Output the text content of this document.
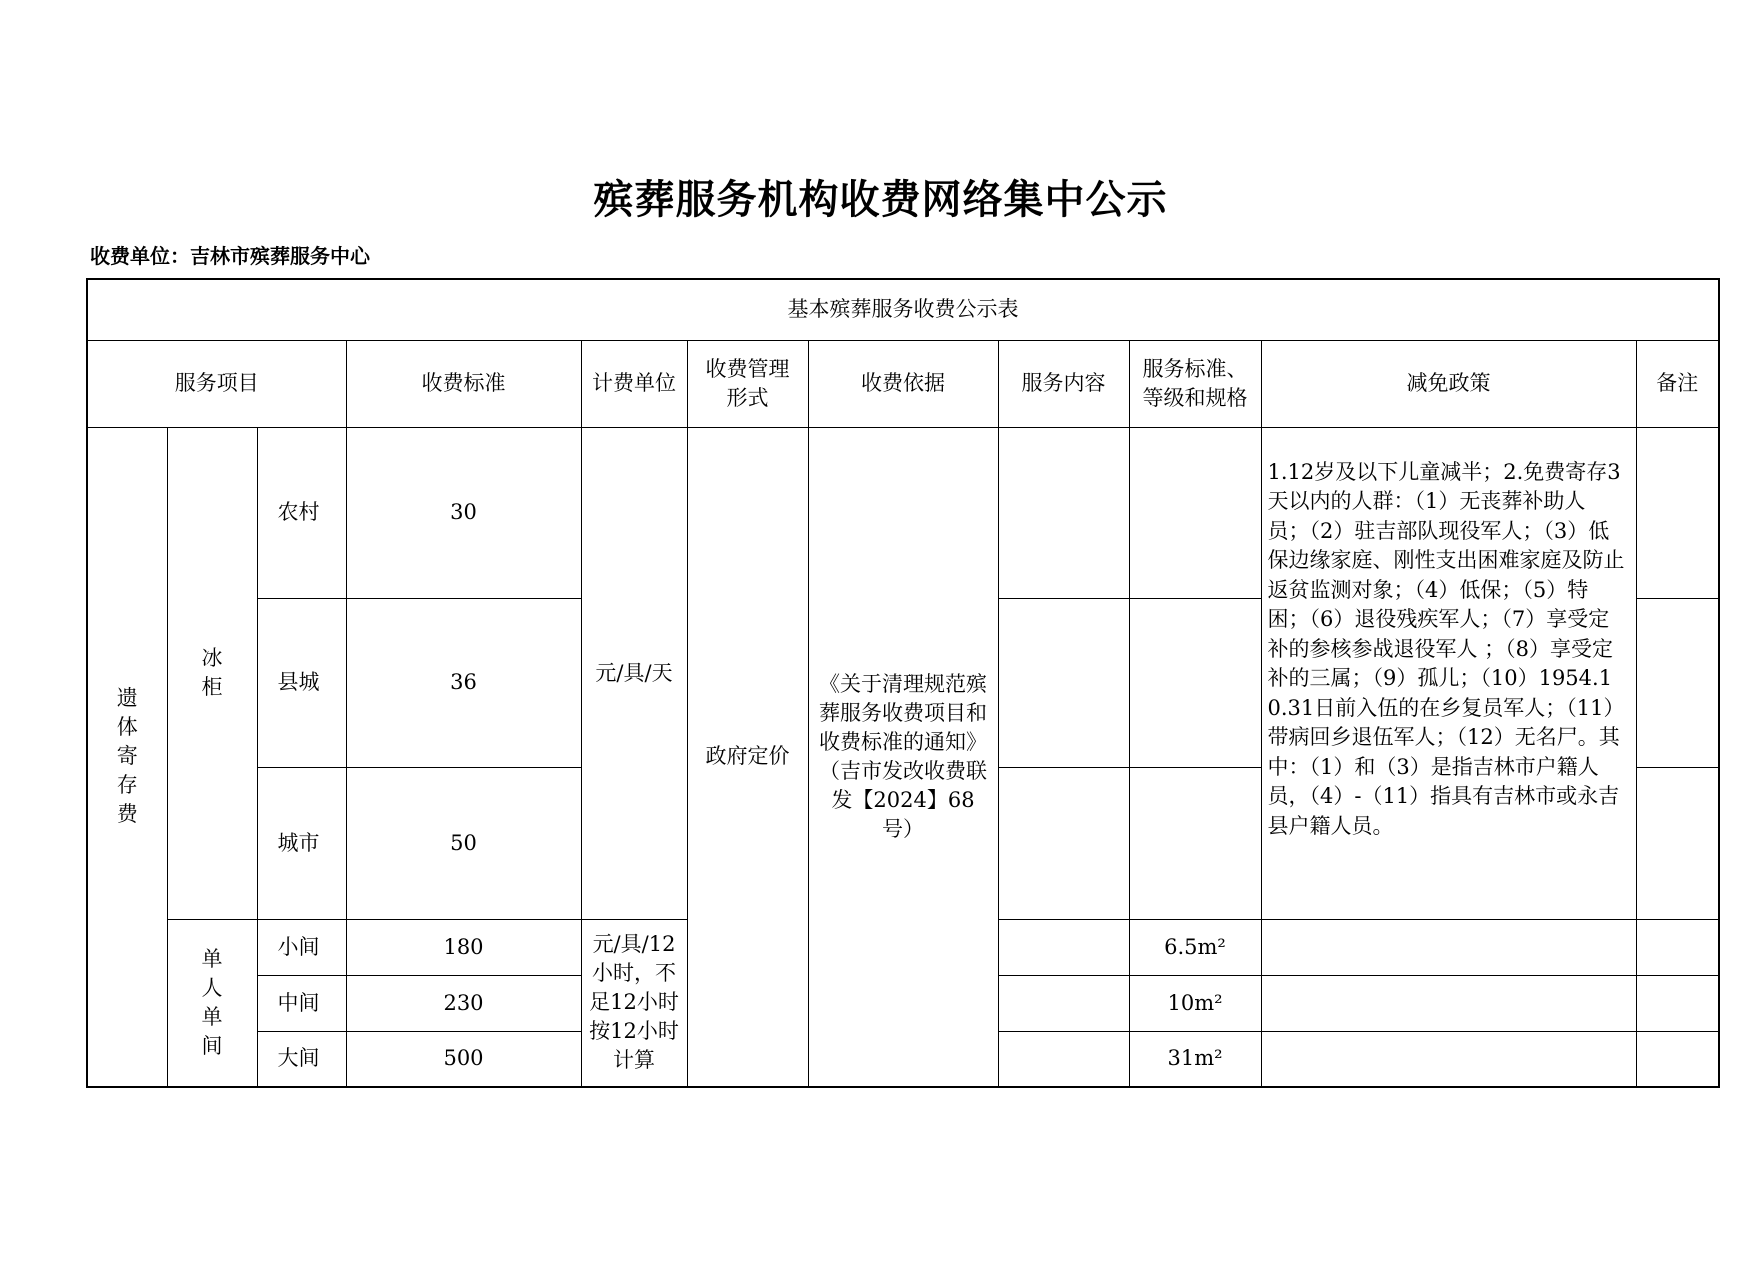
殡葬服务机构收费网络集中公示
收费单位：吉林市殡葬服务中心
基本殡葬服务收费公示表										
服务项目			收费标准	计费单位	收费管理形式	收费依据	服务内容	服务标准、等级和规格	减免政策	备注
遗体寄存费	冰柜	农村	30	元/具/天	政府定价	《关于清理规范殡葬服务收费项目和收费标准的通知》（吉市发改收费联发【2024】68号）			1.12岁及以下儿童减半；2.免费寄存3天以内的人群：（1）无丧葬补助人员；（2）驻吉部队现役军人；（3）低保边缘家庭、刚性支出困难家庭及防止返贫监测对象；（4）低保；（5）特困；（6）退役残疾军人；（7）享受定补的参核参战退役军人 ；（8）享受定补的三属；（9）孤儿；（10）1954.10.31日前入伍的在乡复员军人；（11）带病回乡退伍军人；（12）无名尸。其中：（1）和（3）是指吉林市户籍人员，（4）-（11）指具有吉林市或永吉县户籍人员。	
		县城	36							
		城市	50							
	单人单间	小间	180	元/具/12小时，不足12小时按12小时计算				6.5m²		
		中间	230					10m²		
		大间	500					31m²		
